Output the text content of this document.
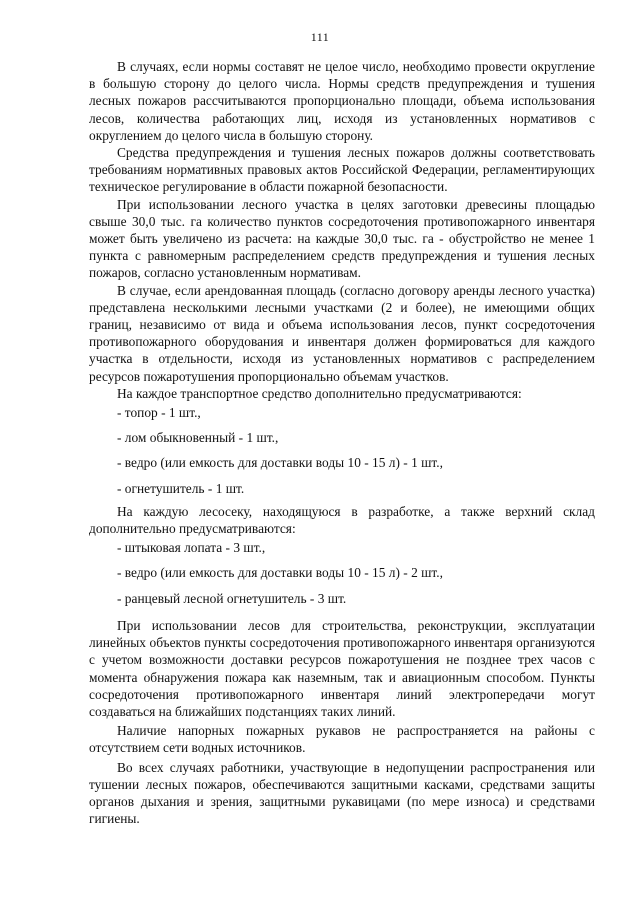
111

В случаях, если нормы составят не целое число, необходимо провести округление в большую сторону до целого числа. Нормы средств предупреждения и тушения лесных пожаров рассчитываются пропорционально площади, объема использования лесов, количества работающих лиц, исходя из установленных нормативов с округлением до целого числа в большую сторону.

Средства предупреждения и тушения лесных пожаров должны соответствовать требованиям нормативных правовых актов Российской Федерации, регламентирующих техническое регулирование в области пожарной безопасности.

При использовании лесного участка в целях заготовки древесины площадью свыше 30,0 тыс. га количество пунктов сосредоточения противопожарного инвентаря может быть увеличено из расчета: на каждые 30,0 тыс. га - обустройство не менее 1 пункта с равномерным распределением средств предупреждения и тушения лесных пожаров, согласно установленным нормативам.

В случае, если арендованная площадь (согласно договору аренды лесного участка) представлена несколькими лесными участками (2 и более), не имеющими общих границ, независимо от вида и объема использования лесов, пункт сосредоточения противопожарного оборудования и инвентаря должен формироваться для каждого участка в отдельности, исходя из установленных нормативов с распределением ресурсов пожаротушения пропорционально объемам участков.

На каждое транспортное средство дополнительно предусматриваются:

- топор - 1 шт.,

- лом обыкновенный - 1 шт.,

- ведро (или емкость для доставки воды 10 - 15 л) - 1 шт.,

- огнетушитель - 1 шт.

На каждую лесосеку, находящуюся в разработке, а также верхний склад дополнительно предусматриваются:

- штыковая лопата - 3 шт.,

- ведро (или емкость для доставки воды 10 - 15 л) - 2 шт.,

- ранцевый лесной огнетушитель - 3 шт.

При использовании лесов для строительства, реконструкции, эксплуатации линейных объектов пункты сосредоточения противопожарного инвентаря организуются с учетом возможности доставки ресурсов пожаротушения не позднее трех часов с момента обнаружения пожара как наземным, так и авиационным способом. Пункты сосредоточения противопожарного инвентаря линий электропередачи могут создаваться на ближайших подстанциях таких линий.

Наличие напорных пожарных рукавов не распространяется на районы с отсутствием сети водных источников.

Во всех случаях работники, участвующие в недопущении распространения или тушении лесных пожаров, обеспечиваются защитными касками, средствами защиты органов дыхания и зрения, защитными рукавицами (по мере износа) и средствами гигиены.
